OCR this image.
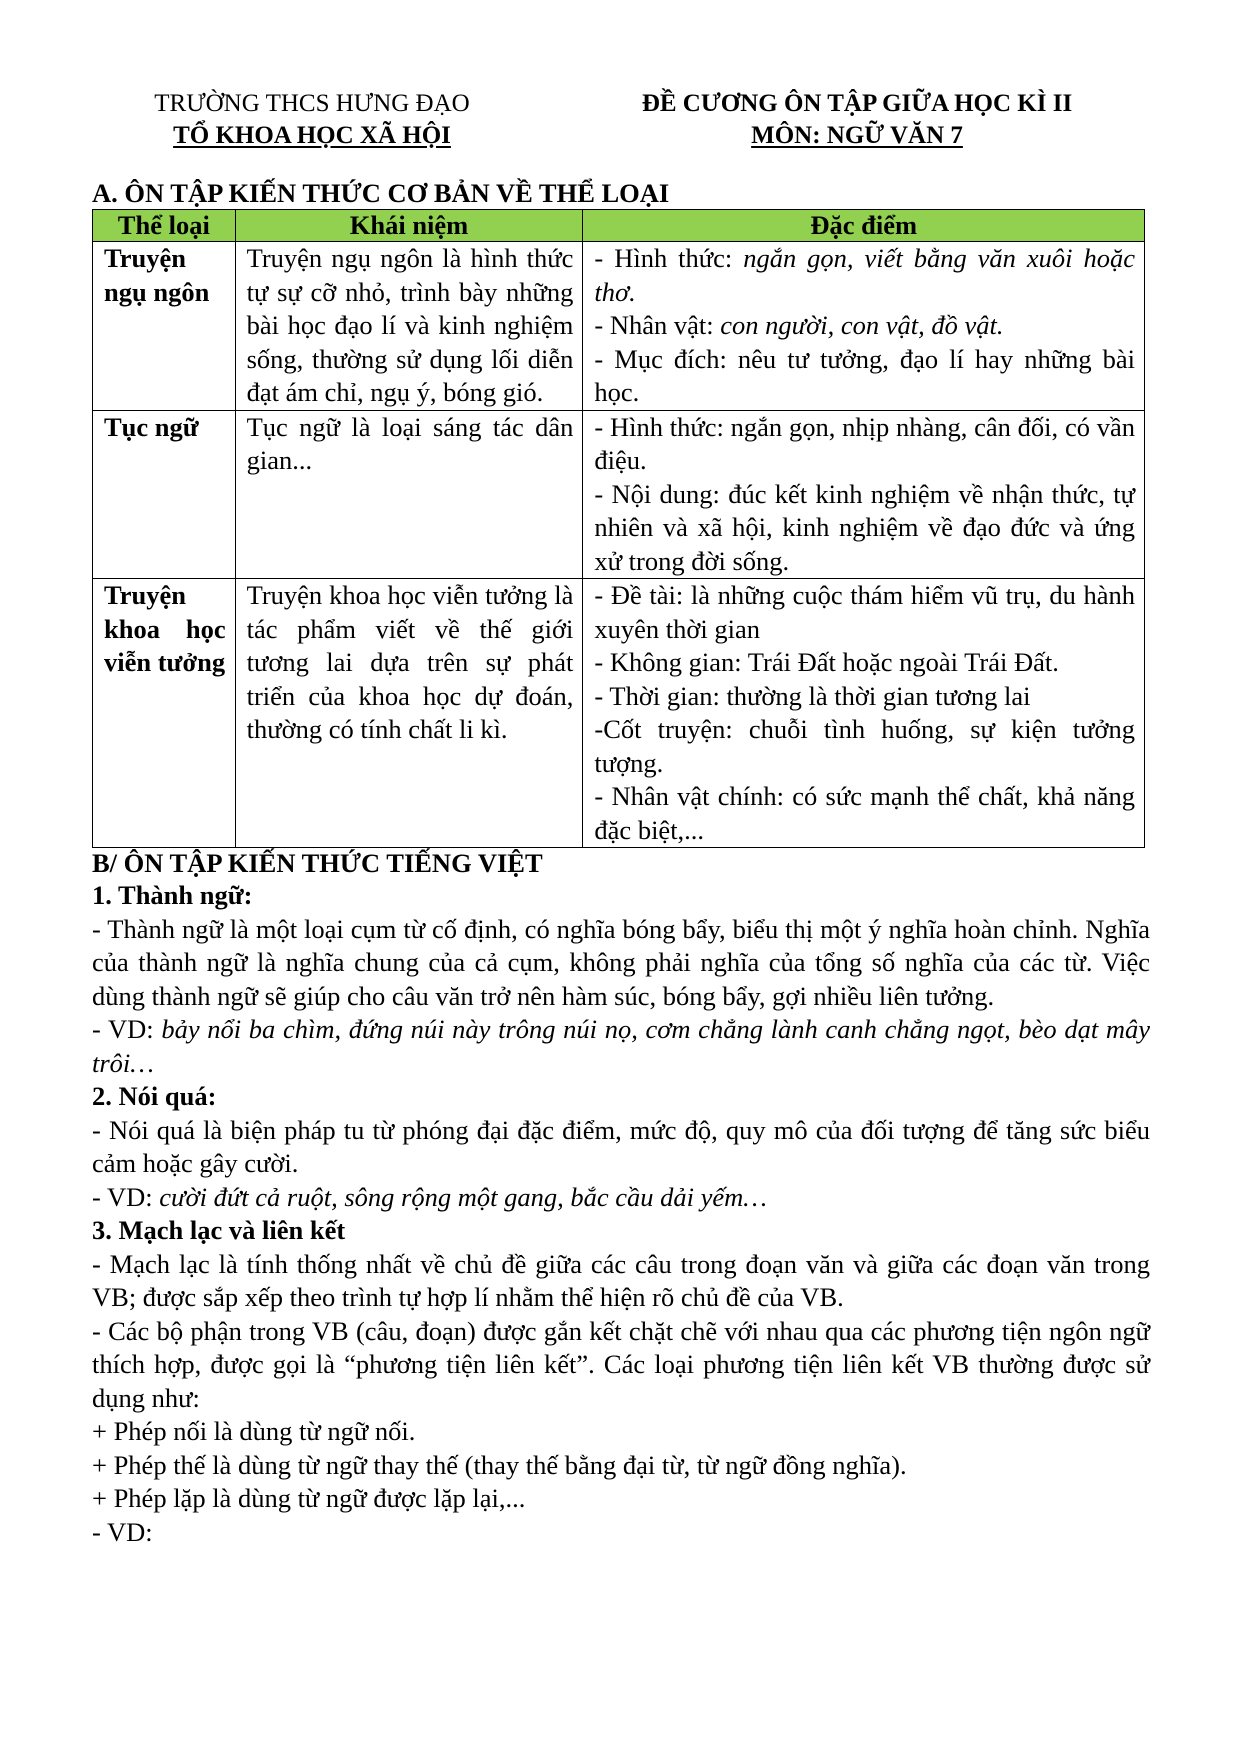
TRƯỜNG THCS HƯNG ĐẠO
TỔ KHOA HỌC XÃ HỘI
ĐỀ CƯƠNG ÔN TẬP GIỮA HỌC KÌ II
MÔN: NGỮ VĂN 7
A. ÔN TẬP KIẾN THỨC CƠ BẢN VỀ THỂ LOẠI
Thể loại	Khái niệm	Đặc điểm
Truyện ngụ ngôn	Truyện ngụ ngôn là hình thức tự sự cỡ nhỏ, trình bày những bài học đạo lí và kinh nghiệm sống, thường sử dụng lối diễn đạt ám chỉ, ngụ ý, bóng gió.	- Hình thức: ngắn gọn, viết bằng văn xuôi hoặc thơ.
- Nhân vật: con người, con vật, đồ vật.
- Mục đích: nêu tư tưởng, đạo lí hay những bài học.

Tục ngữ	Tục ngữ là loại sáng tác dân gian...	- Hình thức: ngắn gọn, nhịp nhàng, cân đối, có vần điệu.
- Nội dung: đúc kết kinh nghiệm về nhận thức, tự nhiên và xã hội, kinh nghiệm về đạo đức và ứng xử trong đời sống.

Truyện khoa học viễn tưởng	Truyện khoa học viễn tưởng là tác phẩm viết về thế giới tương lai dựa trên sự phát triển của khoa học dự đoán, thường có tính chất li kì.	- Đề tài: là những cuộc thám hiểm vũ trụ, du hành xuyên thời gian
- Không gian: Trái Đất hoặc ngoài Trái Đất.
- Thời gian: thường là thời gian tương lai
-Cốt truyện: chuỗi tình huống, sự kiện tưởng tượng.
- Nhân vật chính: có sức mạnh thể chất, khả năng đặc biệt,...
B/ ÔN TẬP KIẾN THỨC TIẾNG VIỆT

1. Thành ngữ:

- Thành ngữ là một loại cụm từ cố định, có nghĩa bóng bẩy, biểu thị một ý nghĩa hoàn chỉnh. Nghĩa của thành ngữ là nghĩa chung của cả cụm, không phải nghĩa của tổng số nghĩa của các từ. Việc dùng thành ngữ sẽ giúp cho câu văn trở nên hàm súc, bóng bẩy, gợi nhiều liên tưởng.

- VD: bảy nổi ba chìm, đứng núi này trông núi nọ, cơm chẳng lành canh chẳng ngọt, bèo dạt mây trôi…

2. Nói quá:

- Nói quá là biện pháp tu từ phóng đại đặc điểm, mức độ, quy mô của đối tượng để tăng sức biểu cảm hoặc gây cười.

- VD: cười đứt cả ruột, sông rộng một gang, bắc cầu dải yếm…

3. Mạch lạc và liên kết

- Mạch lạc là tính thống nhất về chủ đề giữa các câu trong đoạn văn và giữa các đoạn văn trong VB; được sắp xếp theo trình tự hợp lí nhằm thể hiện rõ chủ đề của VB.

- Các bộ phận trong VB (câu, đoạn) được gắn kết chặt chẽ với nhau qua các phương tiện ngôn ngữ thích hợp, được gọi là “phương tiện liên kết”. Các loại phương tiện liên kết VB thường được sử dụng như:

+ Phép nối là dùng từ ngữ nối.

+ Phép thế là dùng từ ngữ thay thế (thay thế bằng đại từ, từ ngữ đồng nghĩa).

+ Phép lặp là dùng từ ngữ được lặp lại,...

- VD:
